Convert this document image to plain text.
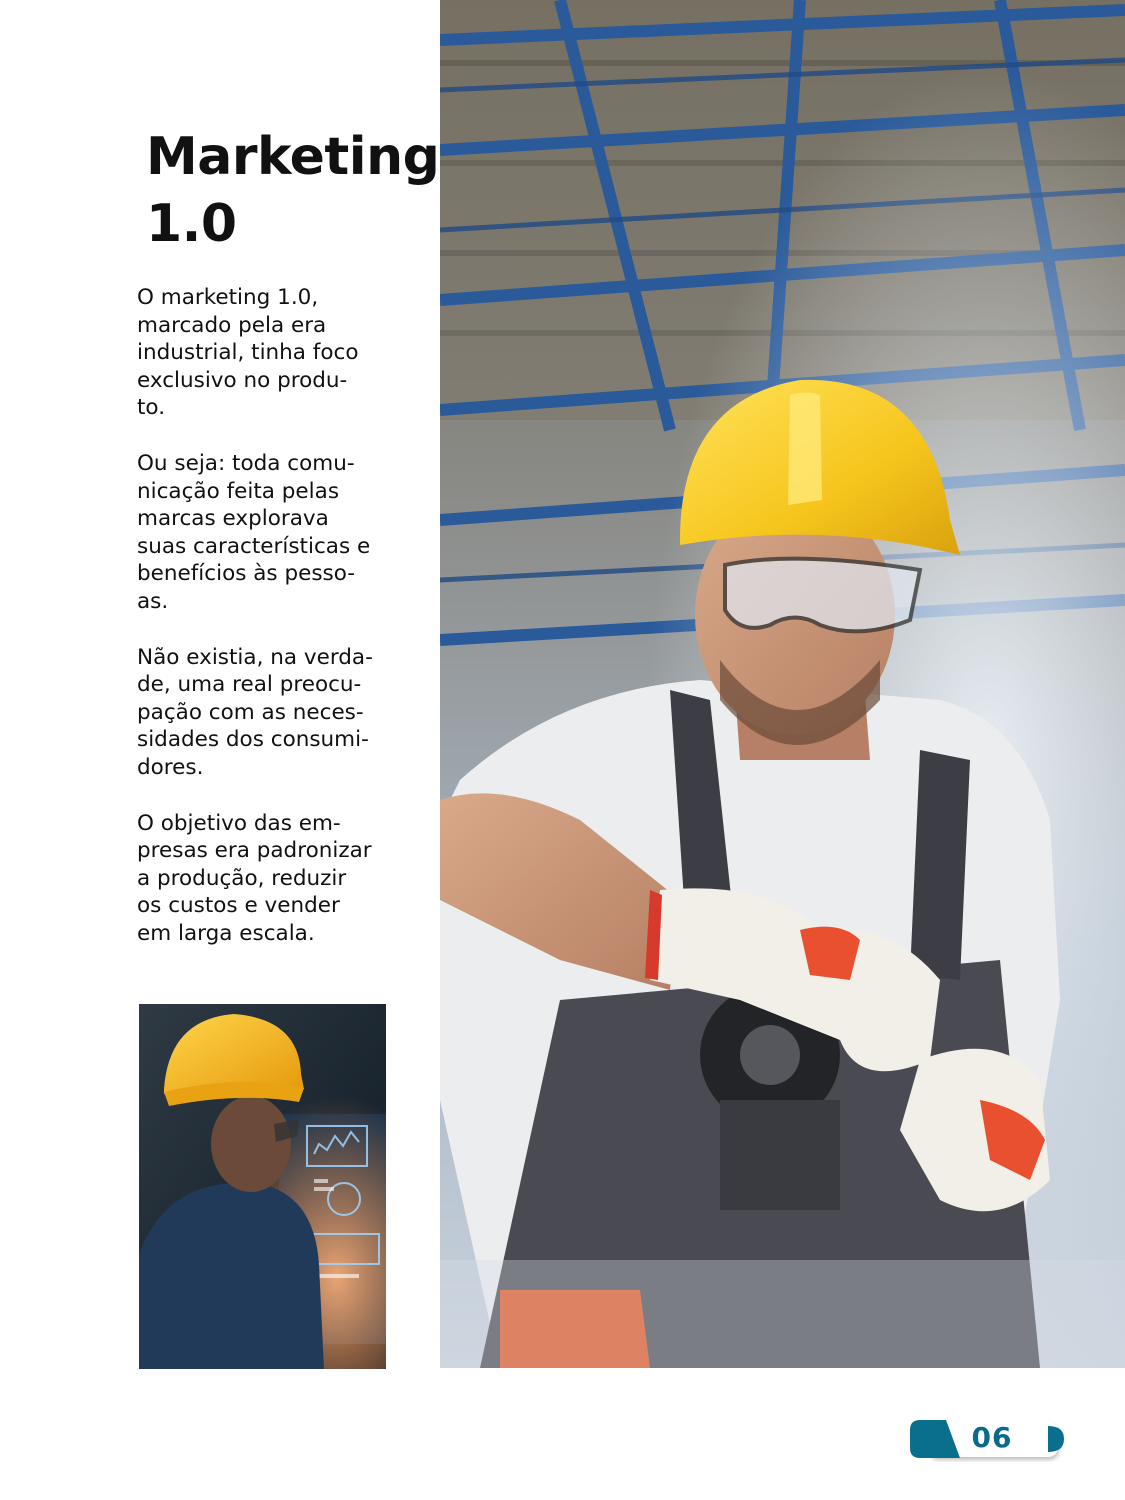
Marketing
1.0

O marketing 1.0,
marcado pela era
industrial, tinha foco
exclusivo no produ-
to.

Ou seja: toda comu-
nicação feita pelas
marcas explorava
suas características e
benefícios às pesso-
as.

Não existia, na verda-
de, uma real preocu-
pação com as neces-
sidades dos consumi-
dores.

O objetivo das em-
presas era padronizar
a produção, reduzir
os custos e vender
em larga escala.

06
